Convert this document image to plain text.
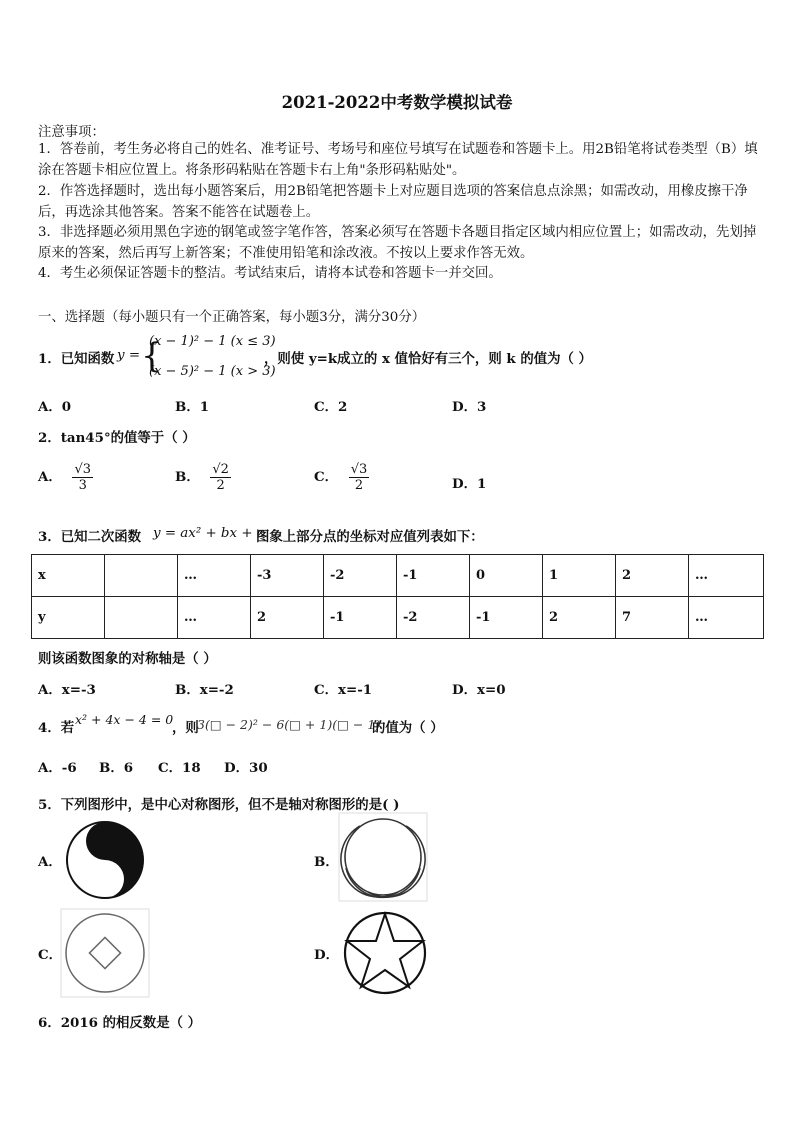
2021-2022中考数学模拟试卷
注意事项：
1．答卷前，考生务必将自己的姓名、准考证号、考场号和座位号填写在试题卷和答题卡上。用2B铅笔将试卷类型（B）填涂在答题卡相应位置上。将条形码粘贴在答题卡右上角"条形码粘贴处"。
2．作答选择题时，选出每小题答案后，用2B铅笔把答题卡上对应题目选项的答案信息点涂黑；如需改动，用橡皮擦干净后，再选涂其他答案。答案不能答在试题卷上。
3．非选择题必须用黑色字迹的钢笔或签字笔作答，答案必须写在答题卡各题目指定区域内相应位置上；如需改动，先划掉原来的答案，然后再写上新答案；不准使用铅笔和涂改液。不按以上要求作答无效。
4．考生必须保证答题卡的整洁。考试结束后，请将本试卷和答题卡一并交回。
一、选择题（每小题只有一个正确答案，每小题3分，满分30分）
1．已知函数 y = {
(x − 1)² − 1 (x ≤ 3)
(x − 5)² − 1 (x > 3)
，则使 y=k成立的 x 值恰好有三个，则 k 的值为（ ）
A．0	B．1	C．2	D．3
2．tan45°的值等于（ ）
A． $\frac{√3}{3}$	B． $\frac{√2}{2}$	C． $\frac{√3}{2}$	D．1
3．已知二次函数 y = ax² + bx + c
图象上部分点的坐标对应值列表如下：
x		…	-3	-2	-1	0	1	2	…
y		…	2	-1	-2	-1	2	7	…
则该函数图象的对称轴是（ ）
A．x=-3	B．x=-2	C．x=-1	D．x=0
4．若
x² + 4x − 4 = 0
，则
3(□ − 2)² − 6(□ + 1)(□ − 1)
的值为（ ）
A．-6 B．6 C．18 D．30
5．下列图形中，是中心对称图形，但不是轴对称图形的是( )
A．	B．
C．	D．
6．2016 的相反数是（ ）
